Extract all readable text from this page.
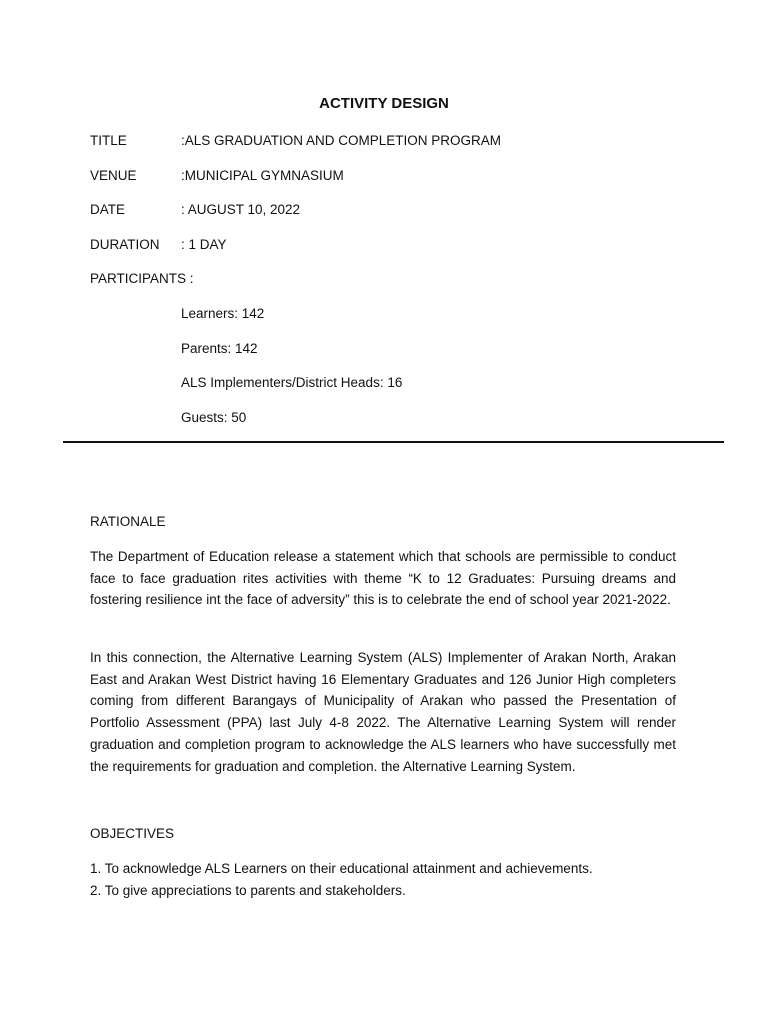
ACTIVITY DESIGN
TITLE	:ALS GRADUATION AND COMPLETION PROGRAM
VENUE	:MUNICIPAL GYMNASIUM
DATE	: AUGUST 10, 2022
DURATION : 1 DAY
PARTICIPANTS :
Learners: 142
Parents: 142
ALS Implementers/District Heads: 16
Guests: 50
RATIONALE

The Department of Education release a statement which that schools are permissible to conduct face to face graduation rites activities with theme “K to 12 Graduates: Pursuing dreams and fostering resilience int the face of adversity” this is to celebrate the end of school year 2021-2022.

In this connection, the Alternative Learning System (ALS) Implementer of Arakan North, Arakan East and Arakan West District having 16 Elementary Graduates and 126 Junior High completers coming from different Barangays of Municipality of Arakan who passed the Presentation of Portfolio Assessment (PPA) last July 4-8 2022. The Alternative Learning System will render graduation and completion program to acknowledge the ALS learners who have successfully met the requirements for graduation and completion. the Alternative Learning System.

OBJECTIVES
1. To acknowledge ALS Learners on their educational attainment and achievements.
2. To give appreciations to parents and stakeholders.
